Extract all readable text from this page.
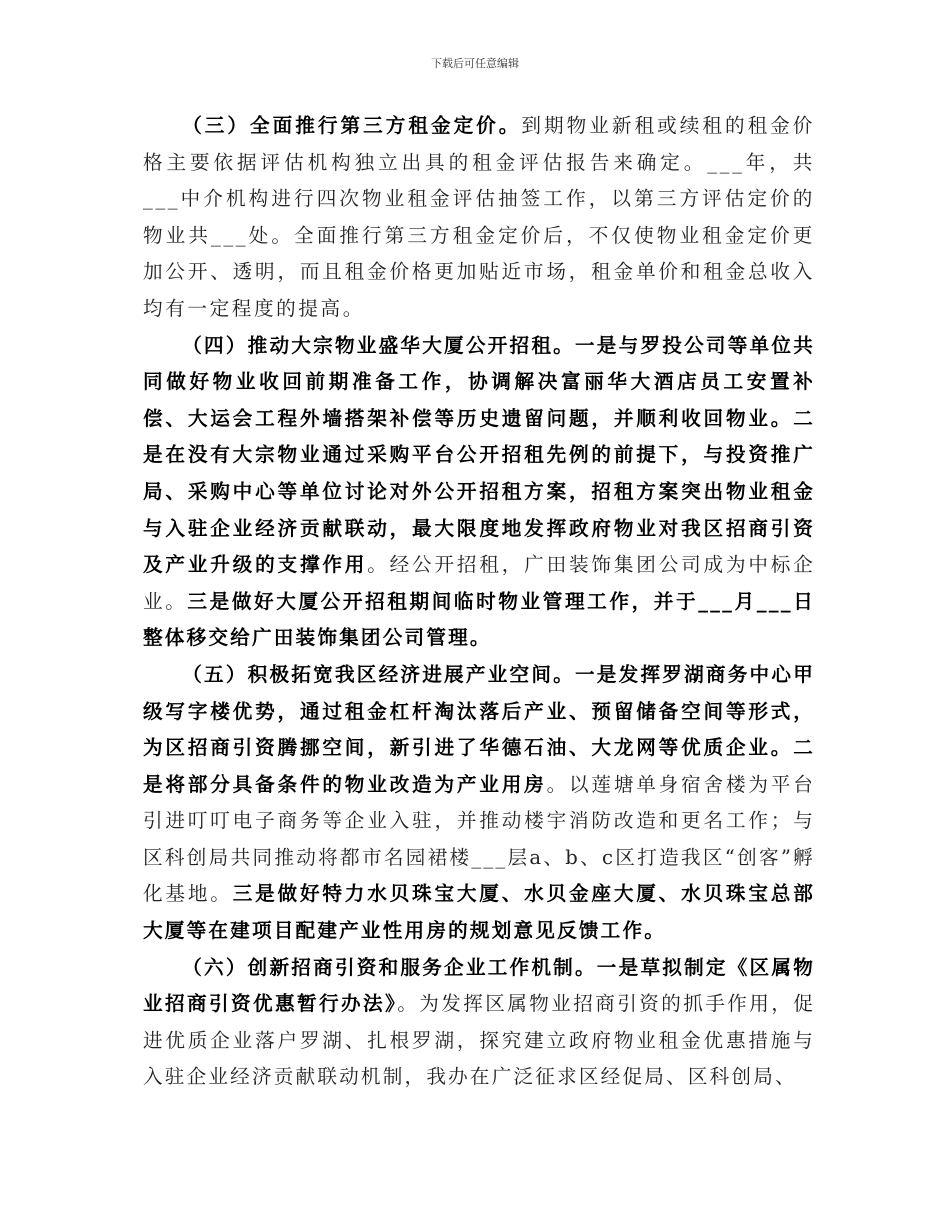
下载后可任意编辑

（三）全面推行第三方租金定价。到期物业新租或续租的租金价格主要依据评估机构独立出具的租金评估报告来确定。___年，共___中介机构进行四次物业租金评估抽签工作，以第三方评估定价的物业共___处。全面推行第三方租金定价后，不仅使物业租金定价更加公开、透明，而且租金价格更加贴近市场，租金单价和租金总收入均有一定程度的提高。

（四）推动大宗物业盛华大厦公开招租。一是与罗投公司等单位共同做好物业收回前期准备工作，协调解决富丽华大酒店员工安置补偿、大运会工程外墙搭架补偿等历史遗留问题，并顺利收回物业。二是在没有大宗物业通过采购平台公开招租先例的前提下，与投资推广局、采购中心等单位讨论对外公开招租方案，招租方案突出物业租金与入驻企业经济贡献联动，最大限度地发挥政府物业对我区招商引资及产业升级的支撑作用。经公开招租，广田装饰集团公司成为中标企业。三是做好大厦公开招租期间临时物业管理工作，并于___月___日整体移交给广田装饰集团公司管理。

（五）积极拓宽我区经济进展产业空间。一是发挥罗湖商务中心甲级写字楼优势，通过租金杠杆淘汰落后产业、预留储备空间等形式，为区招商引资腾挪空间，新引进了华德石油、大龙网等优质企业。二是将部分具备条件的物业改造为产业用房。以莲塘单身宿舍楼为平台引进叮叮电子商务等企业入驻，并推动楼宇消防改造和更名工作；与区科创局共同推动将都市名园裙楼___层a、b、c区打造我区“创客”孵化基地。三是做好特力水贝珠宝大厦、水贝金座大厦、水贝珠宝总部大厦等在建项目配建产业性用房的规划意见反馈工作。

（六）创新招商引资和服务企业工作机制。一是草拟制定《区属物业招商引资优惠暂行办法》。为发挥区属物业招商引资的抓手作用，促进优质企业落户罗湖、扎根罗湖，探究建立政府物业租金优惠措施与入驻企业经济贡献联动机制，我办在广泛征求区经促局、区科创局、
